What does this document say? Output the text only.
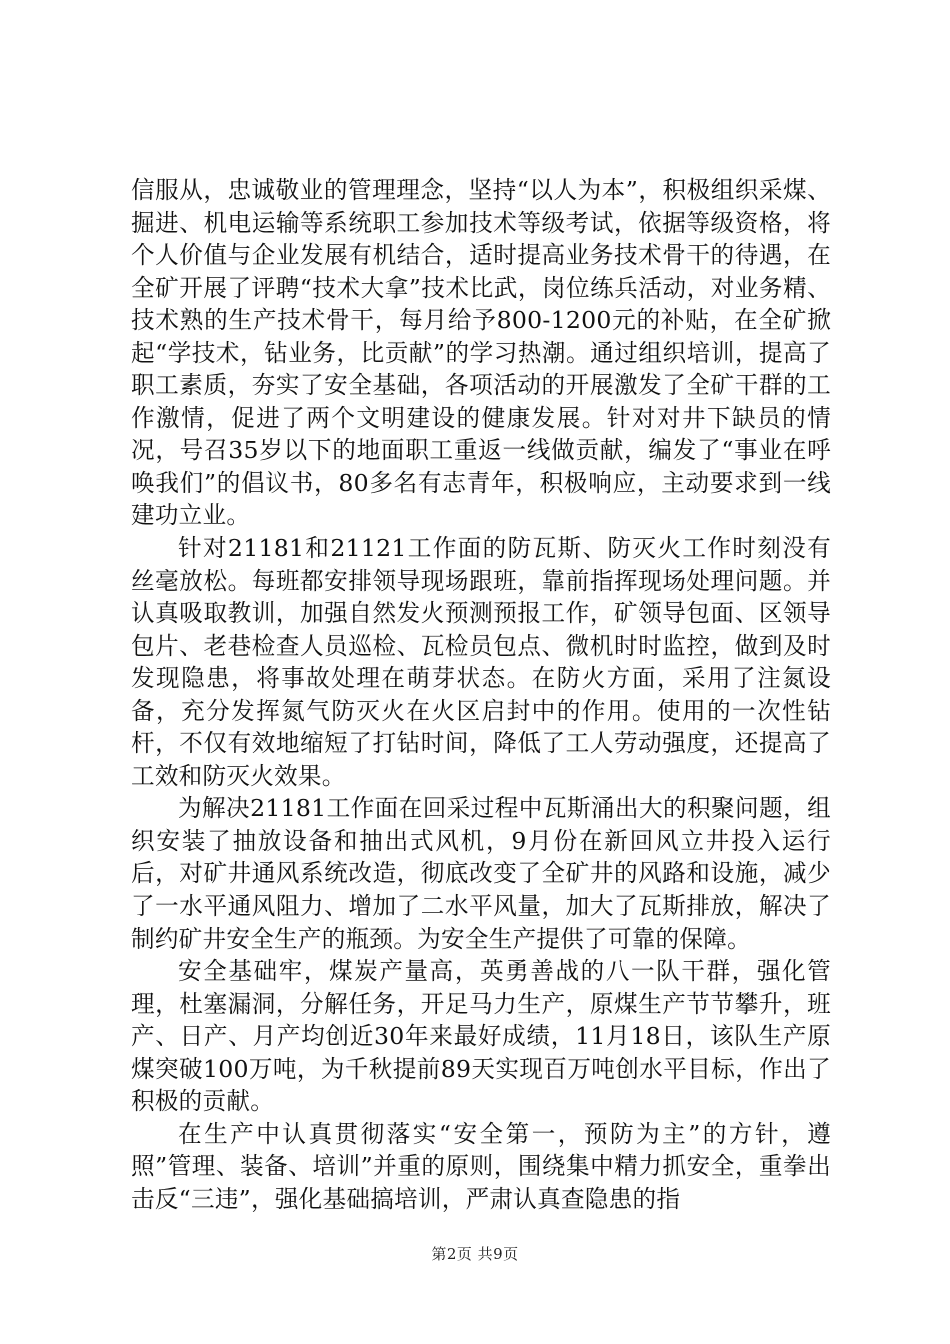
信服从，忠诚敬业的管理理念，坚持“以人为本”，积极组织采煤、掘进、机电运输等系统职工参加技术等级考试，依据等级资格，将个人价值与企业发展有机结合，适时提高业务技术骨干的待遇，在全矿开展了评聘“技术大拿”技术比武，岗位练兵活动，对业务精、技术熟的生产技术骨干，每月给予800-1200元的补贴，在全矿掀起“学技术，钻业务，比贡献”的学习热潮。通过组织培训，提高了职工素质，夯实了安全基础，各项活动的开展激发了全矿干群的工作激情，促进了两个文明建设的健康发展。针对对井下缺员的情况，号召35岁以下的地面职工重返一线做贡献，编发了“事业在呼唤我们”的倡议书，80多名有志青年，积极响应，主动要求到一线建功立业。

针对21181和21121工作面的防瓦斯、防灭火工作时刻没有丝毫放松。每班都安排领导现场跟班，靠前指挥现场处理问题。并认真吸取教训，加强自然发火预测预报工作，矿领导包面、区领导包片、老巷检查人员巡检、瓦检员包点、微机时时监控，做到及时发现隐患，将事故处理在萌芽状态。在防火方面，采用了注氮设备，充分发挥氮气防灭火在火区启封中的作用。使用的一次性钻杆，不仅有效地缩短了打钻时间，降低了工人劳动强度，还提高了工效和防灭火效果。

为解决21181工作面在回采过程中瓦斯涌出大的积聚问题，组织安装了抽放设备和抽出式风机，9月份在新回风立井投入运行后，对矿井通风系统改造，彻底改变了全矿井的风路和设施，减少了一水平通风阻力、增加了二水平风量，加大了瓦斯排放，解决了制约矿井安全生产的瓶颈。为安全生产提供了可靠的保障。

安全基础牢，煤炭产量高，英勇善战的八一队干群，强化管理，杜塞漏洞，分解任务，开足马力生产，原煤生产节节攀升，班产、日产、月产均创近30年来最好成绩，11月18日，该队生产原煤突破100万吨，为千秋提前89天实现百万吨创水平目标，作出了积极的贡献。

在生产中认真贯彻落实“安全第一，预防为主”的方针，遵照”管理、装备、培训”并重的原则，围绕集中精力抓安全，重拳出击反“三违”，强化基础搞培训，严肃认真查隐患的指

第2页 共9页
